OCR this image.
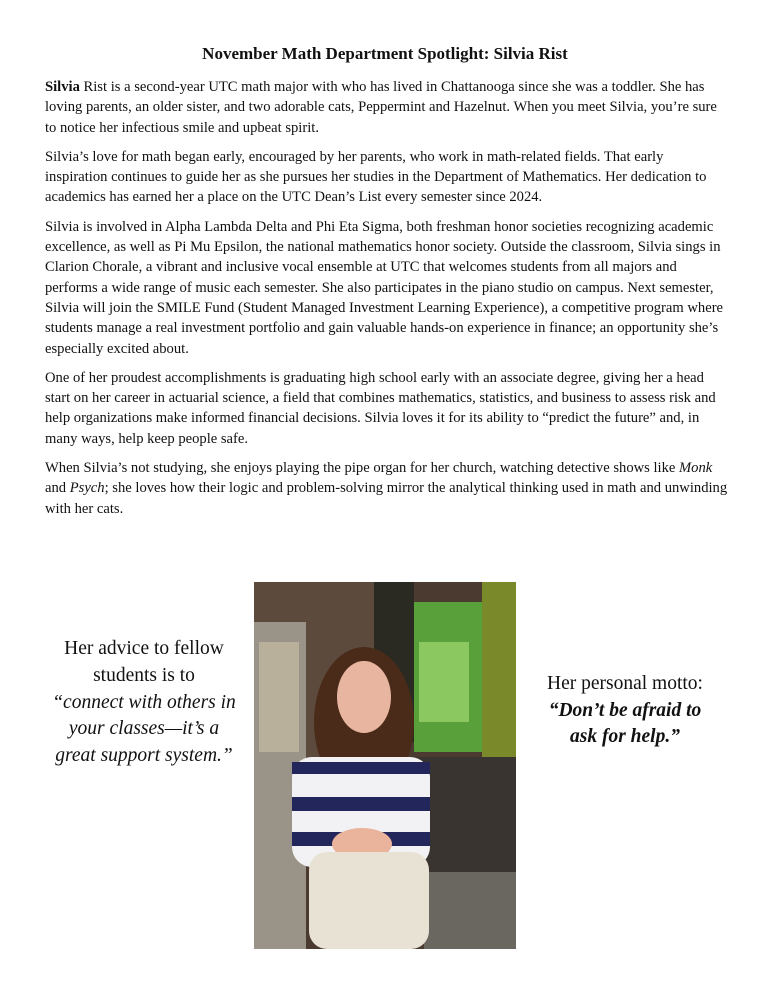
November Math Department Spotlight: Silvia Rist

Silvia Rist is a second-year UTC math major with who has lived in Chattanooga since she was a toddler. She has loving parents, an older sister, and two adorable cats, Peppermint and Hazelnut. When you meet Silvia, you’re sure to notice her infectious smile and upbeat spirit.

Silvia’s love for math began early, encouraged by her parents, who work in math-related fields. That early inspiration continues to guide her as she pursues her studies in the Department of Mathematics. Her dedication to academics has earned her a place on the UTC Dean’s List every semester since 2024.

Silvia is involved in Alpha Lambda Delta and Phi Eta Sigma, both freshman honor societies recognizing academic excellence, as well as Pi Mu Epsilon, the national mathematics honor society. Outside the classroom, Silvia sings in Clarion Chorale, a vibrant and inclusive vocal ensemble at UTC that welcomes students from all majors and performs a wide range of music each semester. She also participates in the piano studio on campus. Next semester, Silvia will join the SMILE Fund (Student Managed Investment Learning Experience), a competitive program where students manage a real investment portfolio and gain valuable hands-on experience in finance; an opportunity she’s especially excited about.

One of her proudest accomplishments is graduating high school early with an associate degree, giving her a head start on her career in actuarial science, a field that combines mathematics, statistics, and business to assess risk and help organizations make informed financial decisions. Silvia loves it for its ability to “predict the future” and, in many ways, help keep people safe.

When Silvia’s not studying, she enjoys playing the pipe organ for her church, watching detective shows like Monk and Psych; she loves how their logic and problem-solving mirror the analytical thinking used in math and unwinding with her cats.

Her advice to fellow students is to
“connect with others in your classes—it’s a great support system.”
Her personal motto:
“Don’t be afraid to ask for help.”
